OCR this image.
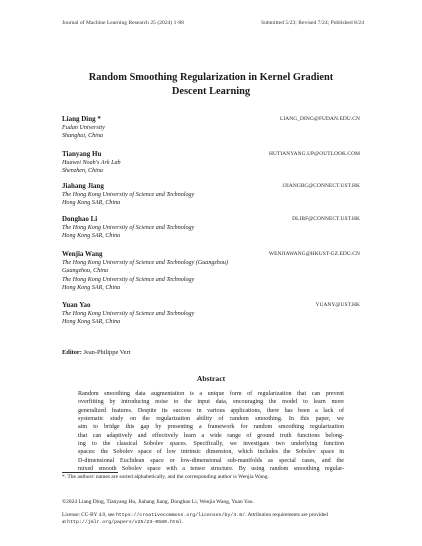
Journal of Machine Learning Research 25 (2024) 1-88	Submitted 5/23; Revised 7/24; Published 8/24
Random Smoothing Regularization in Kernel Gradient
Descent Learning
Liang Ding *	LIANG_DING@FUDAN.EDU.CN
Fudan University
Shanghai, China
Tianyang Hu	HUTIANYANG.UP@OUTLOOK.COM
Huawei Noah's Ark Lab
Shenzhen, China
Jiahang Jiang	JJIANGBC@CONNECT.UST.HK
The Hong Kong University of Science and Technology
Hong Kong SAR, China
Donghao Li	DLIBF@CONNECT.UST.HK
The Hong Kong University of Science and Technology
Hong Kong SAR, China
Wenjia Wang	WENJIAWANG@HKUST-GZ.EDU.CN
The Hong Kong University of Science and Technology (Guangzhou)
Guangzhou, China
The Hong Kong University of Science and Technology
Hong Kong SAR, China
Yuan Yao	YUANY@UST.HK
The Hong Kong University of Science and Technology
Hong Kong SAR, China
Editor: Jean-Philippe Vert
Abstract
Random smoothing data augmentation is a unique form of regularization that can prevent
overfitting by introducing noise to the input data, encouraging the model to learn more
generalized features. Despite its success in various applications, there has been a lack of
systematic study on the regularization ability of random smoothing. In this paper, we
aim to bridge this gap by presenting a framework for random smoothing regularization
that can adaptively and effectively learn a wide range of ground truth functions belong-
ing to the classical Sobolev spaces. Specifically, we investigate two underlying function
spaces: the Sobolev space of low intrinsic dimension, which includes the Sobolev space in
D-dimensional Euclidean space or low-dimensional sub-manifolds as special cases, and the
mixed smooth Sobolev space with a tensor structure. By using random smoothing regular-
*. The authors' names are sorted alphabetically, and the corresponding author is Wenjia Wang.
©2024 Liang Ding, Tianyang Hu, Jiahang Jiang, Donghao Li, Wenjia Wang, Yuan Yao.
License: CC-BY 4.0, see https://creativecommons.org/licenses/by/4.0/. Attribution requirements are provided
at http://jmlr.org/papers/v25/23-0580.html.
